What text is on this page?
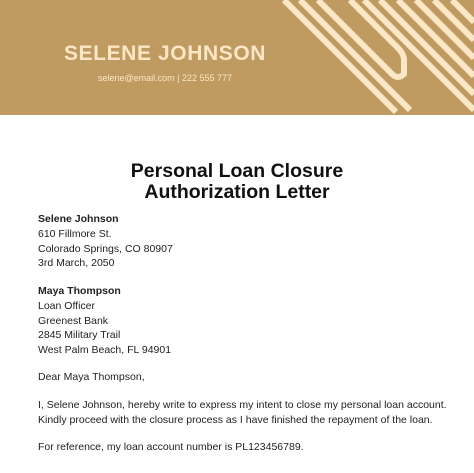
SELENE JOHNSON
selene@email.com | 222 555 777
Personal Loan Closure
Authorization Letter
Selene Johnson
610 Fillmore St.
Colorado Springs, CO 80907
3rd March, 2050
Maya Thompson
Loan Officer
Greenest Bank
2845 Military Trail
West Palm Beach, FL 94901
Dear Maya Thompson,
I, Selene Johnson, hereby write to express my intent to close my personal loan account.
Kindly proceed with the closure process as I have finished the repayment of the loan.
For reference, my loan account number is PL123456789.
